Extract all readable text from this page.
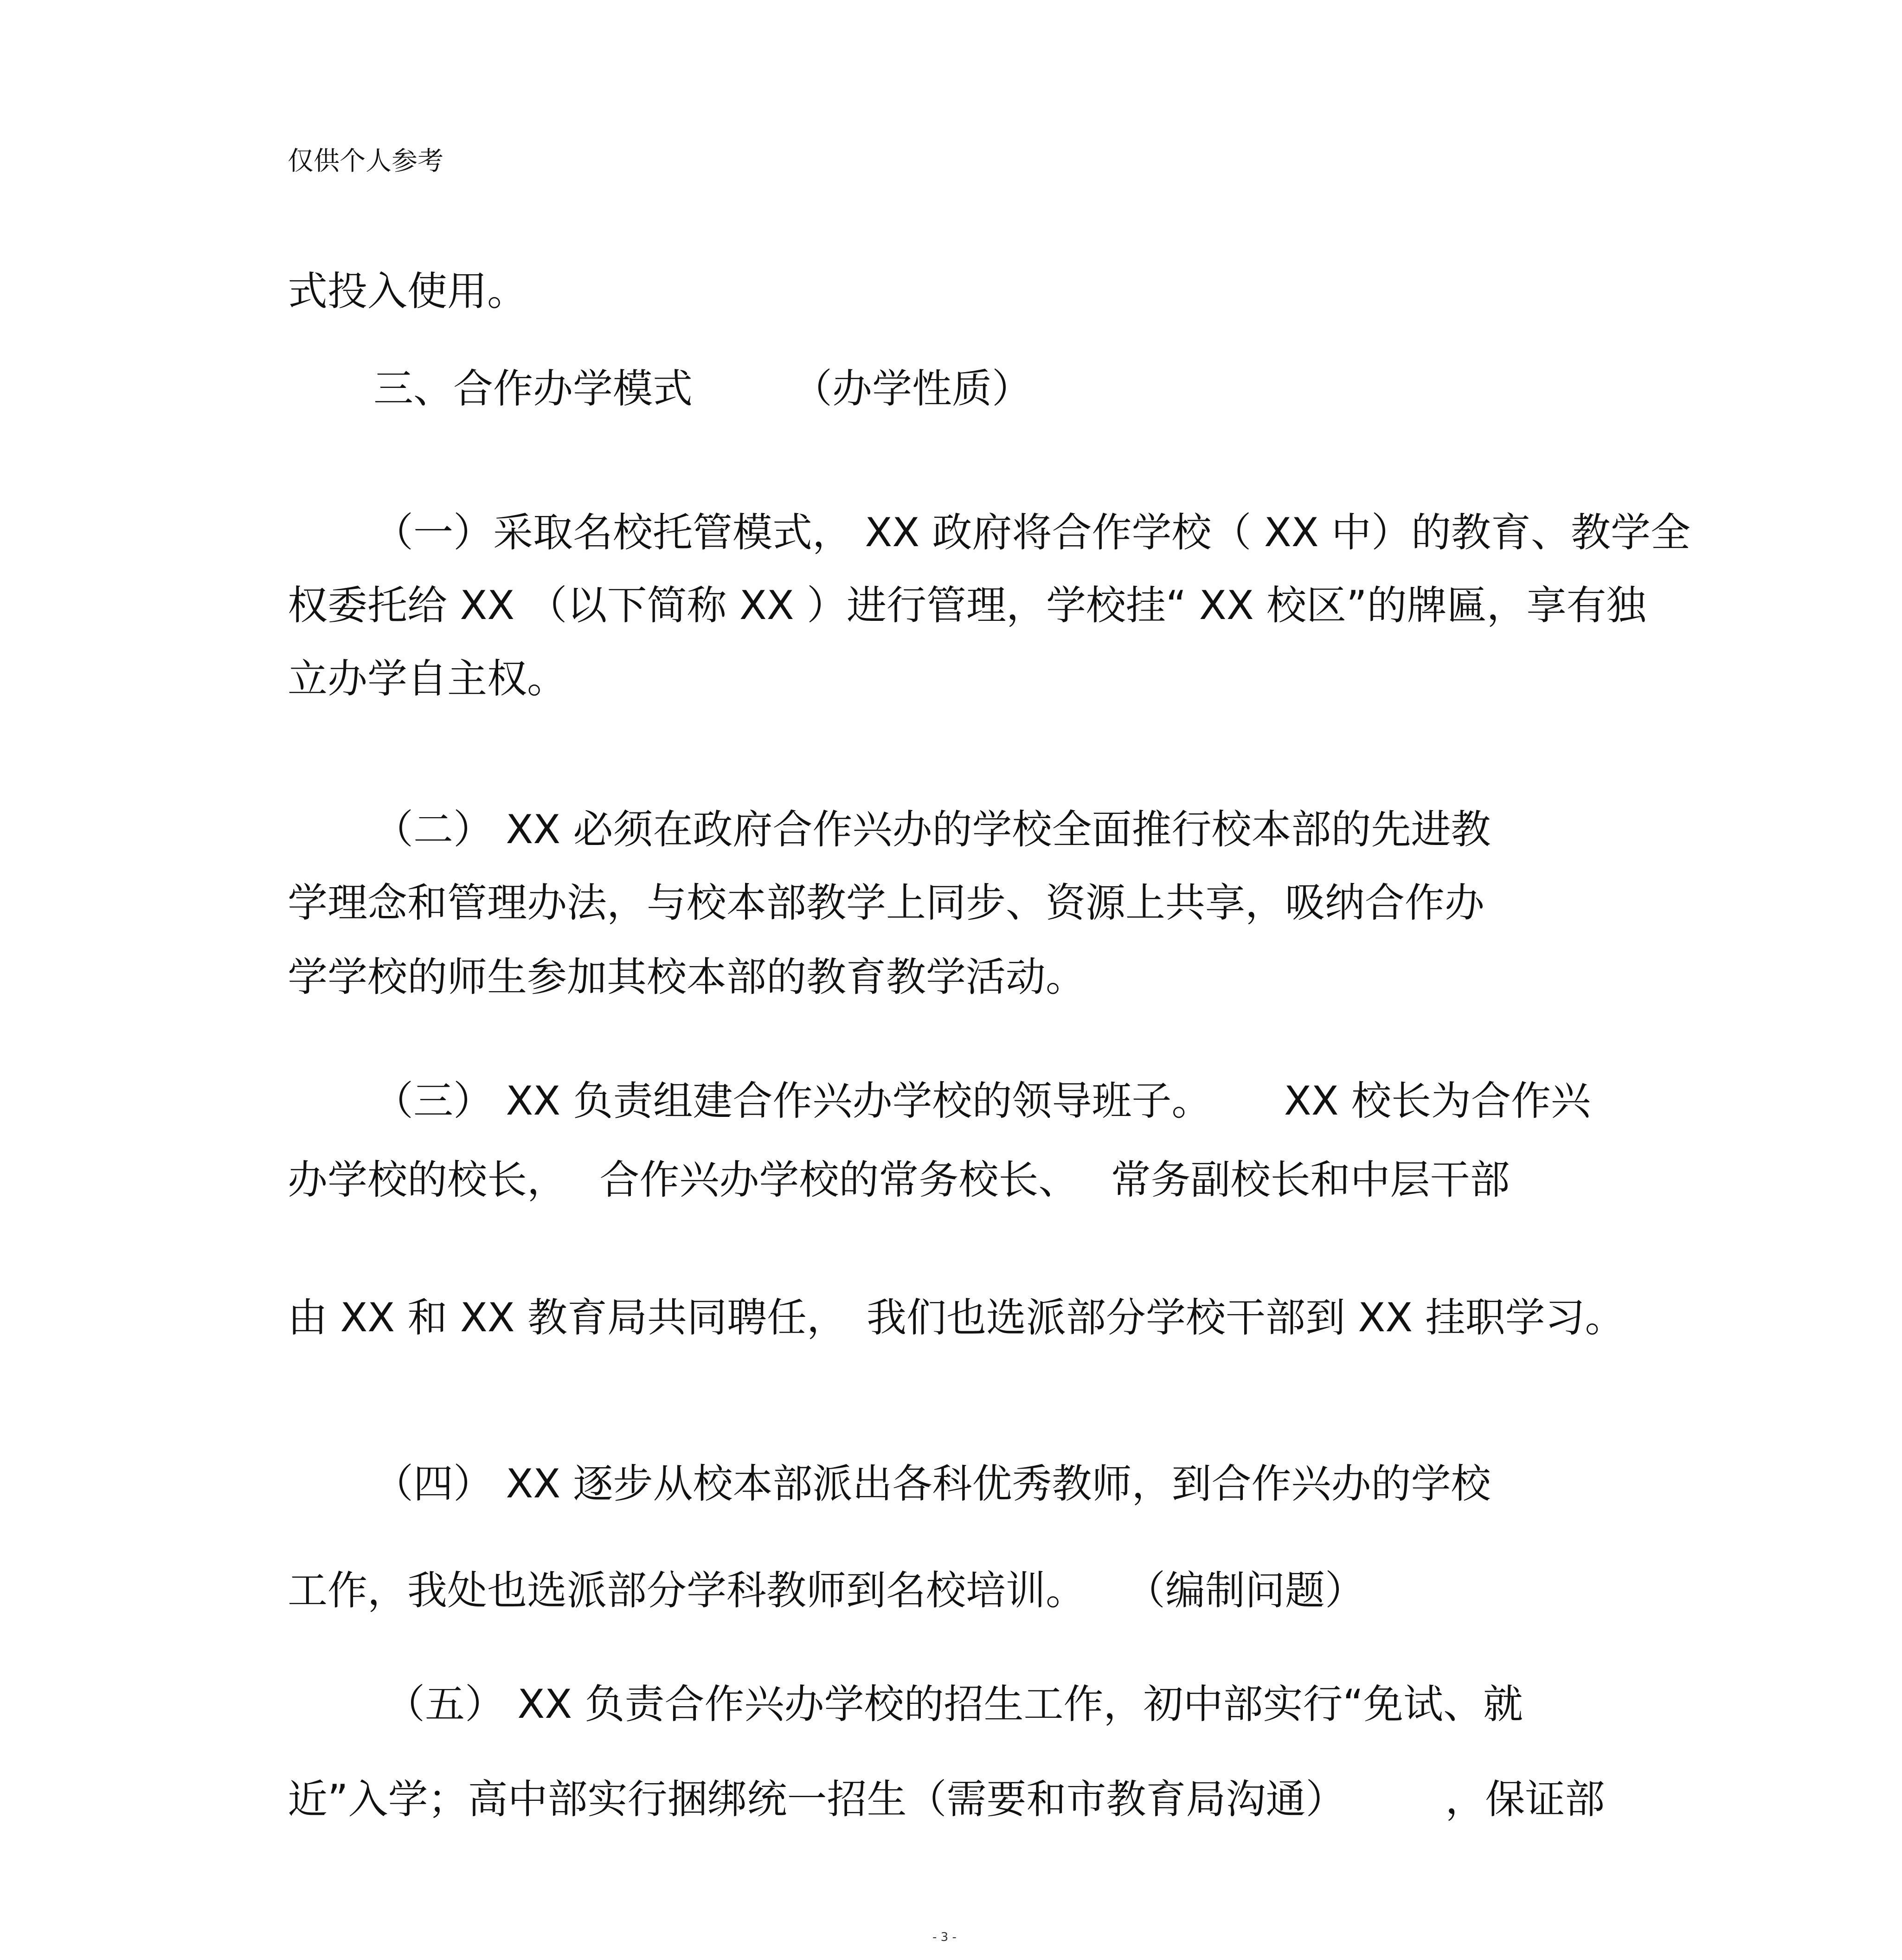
仅供个人参考
式投入使用。
三、合作办学模式　　　（办学性质）
（一）采取名校托管模式， XX 政府将合作学校（ XX 中）的教育、教学全
权委托给 XX （以下简称 XX ）进行管理，学校挂“ XX 校区”的牌匾，享有独
立办学自主权。
（二） XX 必须在政府合作兴办的学校全面推行校本部的先进教
学理念和管理办法，与校本部教学上同步、资源上共享，吸纳合作办
学学校的师生参加其校本部的教育教学活动。
（三） XX 负责组建合作兴办学校的领导班子。　　 XX 校长为合作兴
办学校的校长，　 合作兴办学校的常务校长、　 常务副校长和中层干部
由 XX 和 XX 教育局共同聘任，　我们也选派部分学校干部到 XX 挂职学习。
（四） XX 逐步从校本部派出各科优秀教师，到合作兴办的学校
工作，我处也选派部分学科教师到名校培训。　　（编制问题）
（五） XX 负责合作兴办学校的招生工作，初中部实行“免试、就
近”入学；高中部实行捆绑统一招生（需要和市教育局沟通）　　　，保证部
- 3 -
